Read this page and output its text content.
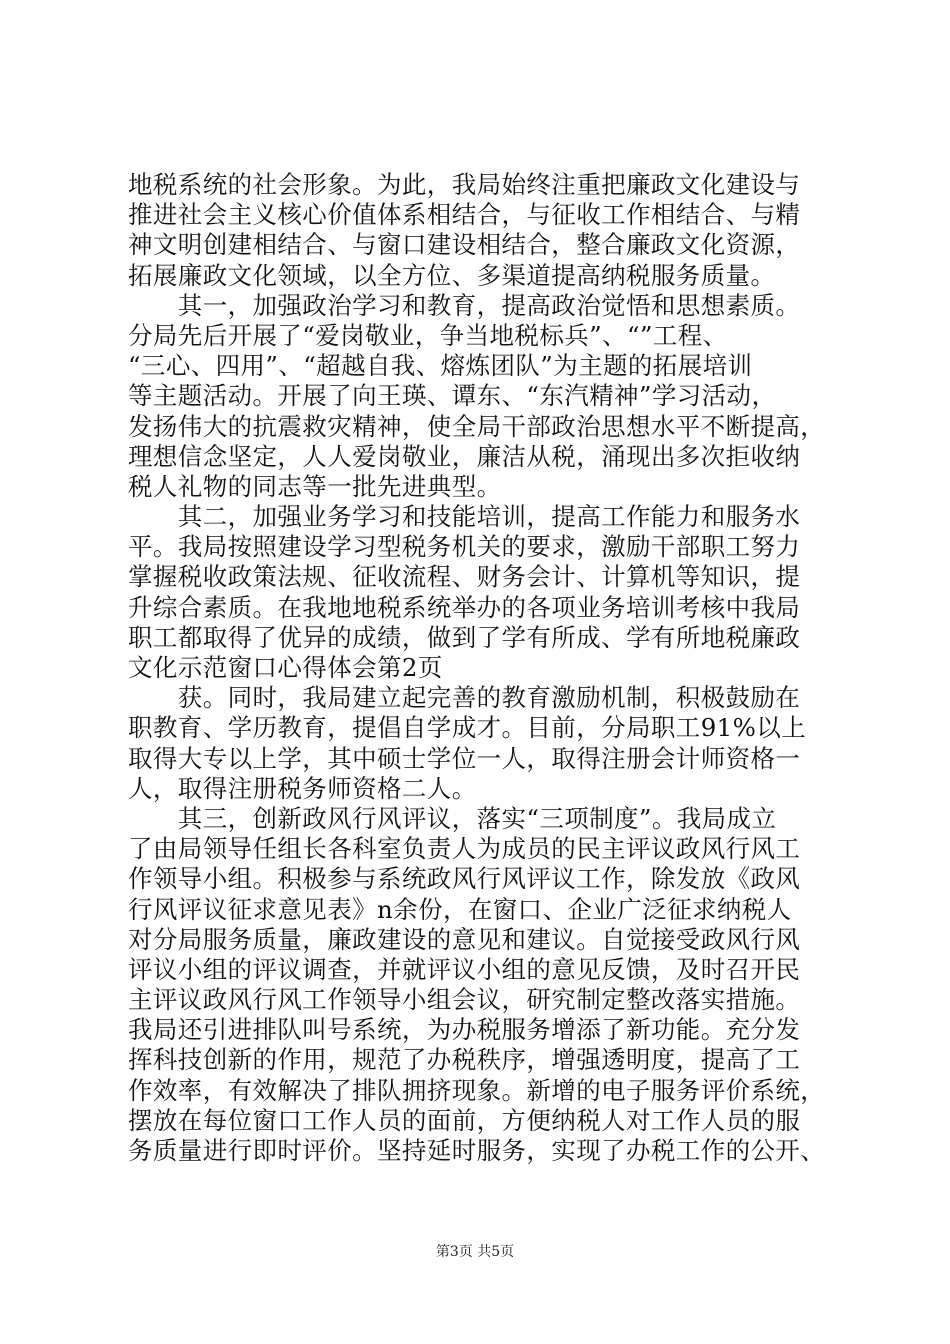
地税系统的社会形象。为此，我局始终注重把廉政文化建设与
推进社会主义核心价值体系相结合，与征收工作相结合、与精
神文明创建相结合、与窗口建设相结合，整合廉政文化资源，
拓展廉政文化领域，以全方位、多渠道提高纳税服务质量。
　　其一，加强政治学习和教育，提高政治觉悟和思想素质。
分局先后开展了“爱岗敬业，争当地税标兵”、“”工程、
“三心、四用”、“超越自我、熔炼团队”为主题的拓展培训
等主题活动。开展了向王瑛、谭东、“东汽精神”学习活动，
发扬伟大的抗震救灾精神，使全局干部政治思想水平不断提高，
理想信念坚定，人人爱岗敬业，廉洁从税，涌现出多次拒收纳
税人礼物的同志等一批先进典型。
　　其二，加强业务学习和技能培训，提高工作能力和服务水
平。我局按照建设学习型税务机关的要求，激励干部职工努力
掌握税收政策法规、征收流程、财务会计、计算机等知识，提
升综合素质。在我地地税系统举办的各项业务培训考核中我局
职工都取得了优异的成绩，做到了学有所成、学有所地税廉政
文化示范窗口心得体会第2页
　　获。同时，我局建立起完善的教育激励机制，积极鼓励在
职教育、学历教育，提倡自学成才。目前，分局职工91%以上
取得大专以上学，其中硕士学位一人，取得注册会计师资格一
人，取得注册税务师资格二人。
　　其三，创新政风行风评议，落实“三项制度”。我局成立
了由局领导任组长各科室负责人为成员的民主评议政风行风工
作领导小组。积极参与系统政风行风评议工作，除发放《政风
行风评议征求意见表》n余份，在窗口、企业广泛征求纳税人
对分局服务质量，廉政建设的意见和建议。自觉接受政风行风
评议小组的评议调查，并就评议小组的意见反馈，及时召开民
主评议政风行风工作领导小组会议，研究制定整改落实措施。
我局还引进排队叫号系统，为办税服务增添了新功能。充分发
挥科技创新的作用，规范了办税秩序，增强透明度，提高了工
作效率，有效解决了排队拥挤现象。新增的电子服务评价系统，
摆放在每位窗口工作人员的面前，方便纳税人对工作人员的服
务质量进行即时评价。坚持延时服务，实现了办税工作的公开、
第3页 共5页
